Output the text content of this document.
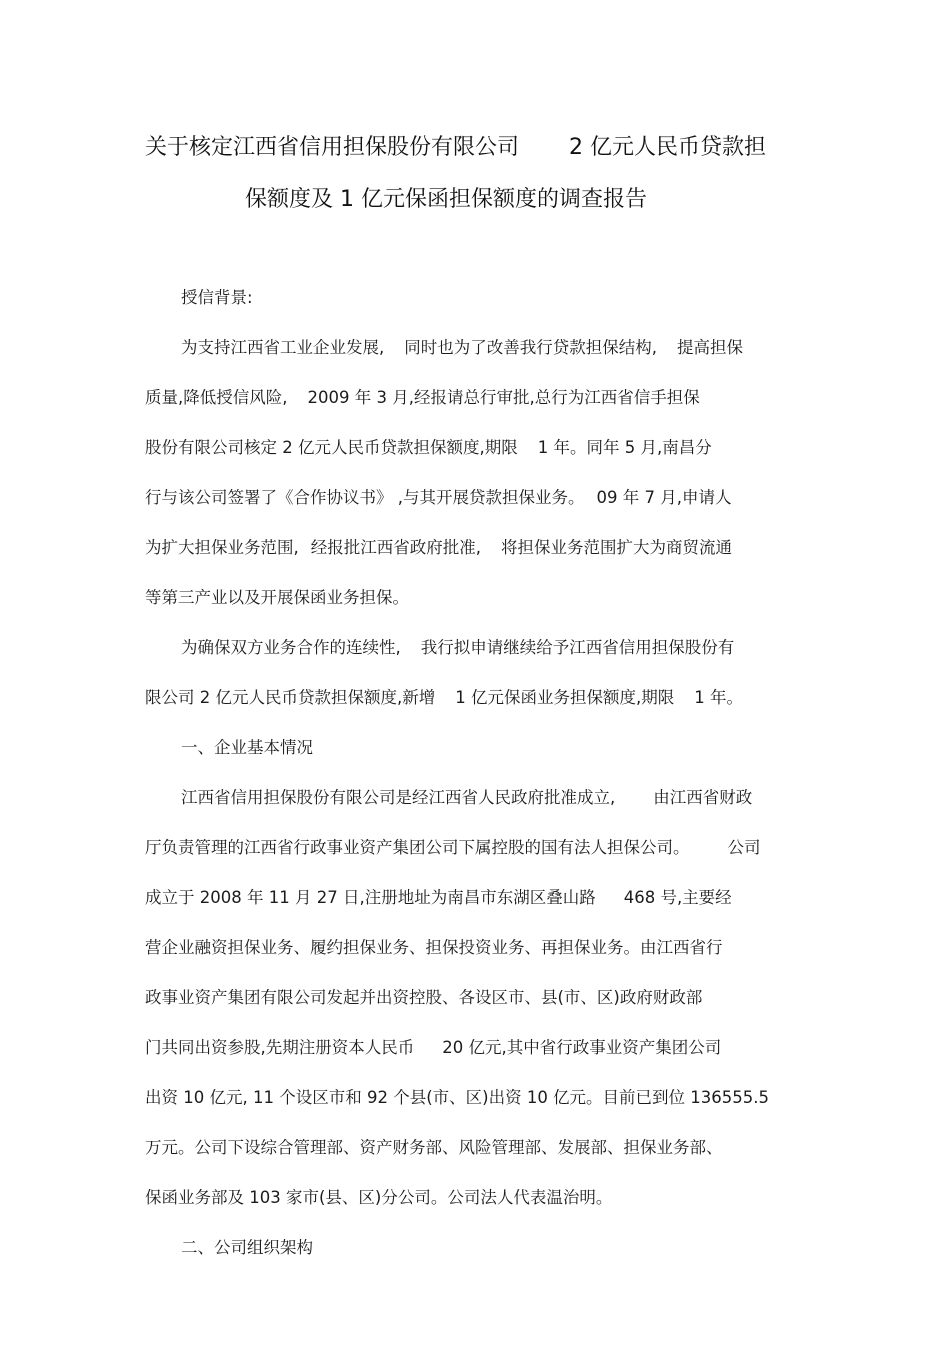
关于核定江西省信用担保股份有限公司 2 亿元人民币贷款担
保额度及 1 亿元保函担保额度的调查报告
授信背景:
为支持江西省工业企业发展, 同时也为了改善我行贷款担保结构, 提高担保
质量,降低授信风险, 2009 年 3 月,经报请总行审批,总行为江西省信手担保
股份有限公司核定 2 亿元人民币贷款担保额度,期限 1 年。同年 5 月,南昌分
行与该公司签署了《合作协议书》 ,与其开展贷款担保业务。 09 年 7 月,申请人
为扩大担保业务范围, 经报批江西省政府批准, 将担保业务范围扩大为商贸流通
等第三产业以及开展保函业务担保。
为确保双方业务合作的连续性, 我行拟申请继续给予江西省信用担保股份有
限公司 2 亿元人民币贷款担保额度,新增 1 亿元保函业务担保额度,期限 1 年。
一、企业基本情况
江西省信用担保股份有限公司是经江西省人民政府批准成立, 由江西省财政
厅负责管理的江西省行政事业资产集团公司下属控股的国有法人担保公司。 公司
成立于 2008 年 11 月 27 日,注册地址为南昌市东湖区叠山路 468 号,主要经
营企业融资担保业务、履约担保业务、担保投资业务、再担保业务。由江西省行
政事业资产集团有限公司发起并出资控股、各设区市、县(市、区)政府财政部
门共同出资参股,先期注册资本人民币 20 亿元,其中省行政事业资产集团公司
出资 10 亿元, 11 个设区市和 92 个县(市、区)出资 10 亿元。目前已到位 136555.5
万元。公司下设综合管理部、资产财务部、风险管理部、发展部、担保业务部、
保函业务部及 103 家市(县、区)分公司。公司法人代表温治明。
二、公司组织架构
